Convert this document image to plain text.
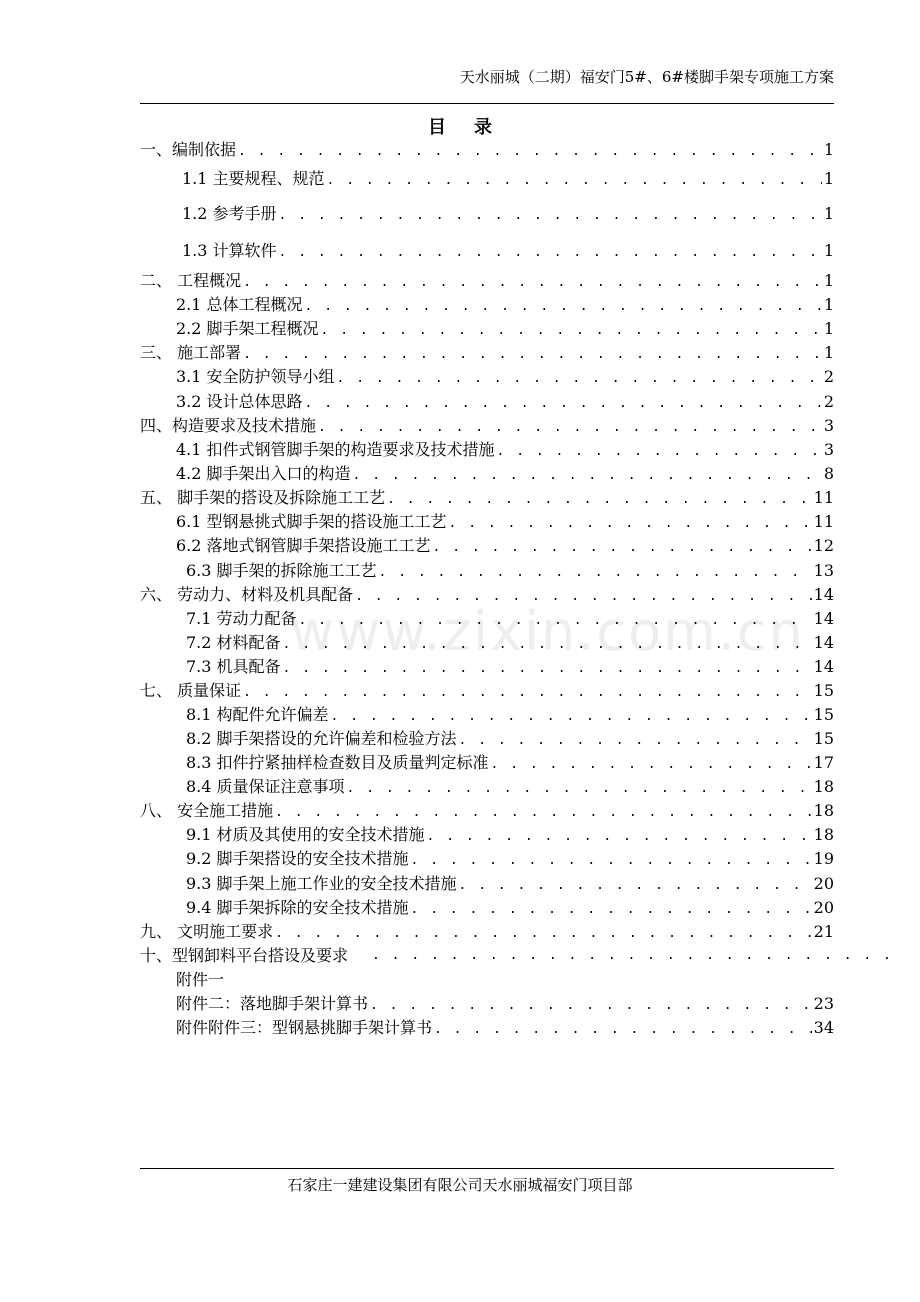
天水丽城（二期）福安门5#、6#楼脚手架专项施工方案
目录
www.zixin.com.cn
一、编制依据 . . .	1
1.1 主要规程、规范 . . .	1
1.2 参考手册 . . .	1
1.3 计算软件 . . .	1
二、 工程概况 . . .	1
2.1 总体工程概况 . . .	1
2.2 脚手架工程概况 . . .	1
三、 施工部署 . . .	1
3.1 安全防护领导小组 . . .	2
3.2 设计总体思路 . . .	2
四、构造要求及技术措施 . . .	3
4.1 扣件式钢管脚手架的构造要求及技术措施 . . .	3
4.2 脚手架出入口的构造 . . .	8
五、 脚手架的搭设及拆除施工工艺 . . .	11
6.1 型钢悬挑式脚手架的搭设施工工艺 . . .	11
6.2 落地式钢管脚手架搭设施工工艺 . . .	12
6.3 脚手架的拆除施工工艺 . . .	13
六、 劳动力、材料及机具配备 . . .	14
7.1 劳动力配备 . . .	14
7.2 材料配备 . . .	14
7.3 机具配备 . . .	14
七、 质量保证 . . .	15
8.1 构配件允许偏差 . . .	15
8.2 脚手架搭设的允许偏差和检验方法 . . .	15
8.3 扣件拧紧抽样检查数目及质量判定标准 . . .	17
8.4 质量保证注意事项 . . .	18
八、 安全施工措施 . . .	18
9.1 材质及其使用的安全技术措施 . . .	18
9.2 脚手架搭设的安全技术措施 . . .	19
9.3 脚手架上施工作业的安全技术措施 . . .	20
9.4 脚手架拆除的安全技术措施 . . .	20
九、 文明施工要求 . . .	21
十、型钢卸料平台搭设及要求 . . . . . . . . . . . . . . . . . . . . . . . . . . .
附件一
附件二：落地脚手架计算书 . . .	23
附件附件三：型钢悬挑脚手架计算书 . . .	34
石家庄一建建设集团有限公司天水丽城福安门项目部
